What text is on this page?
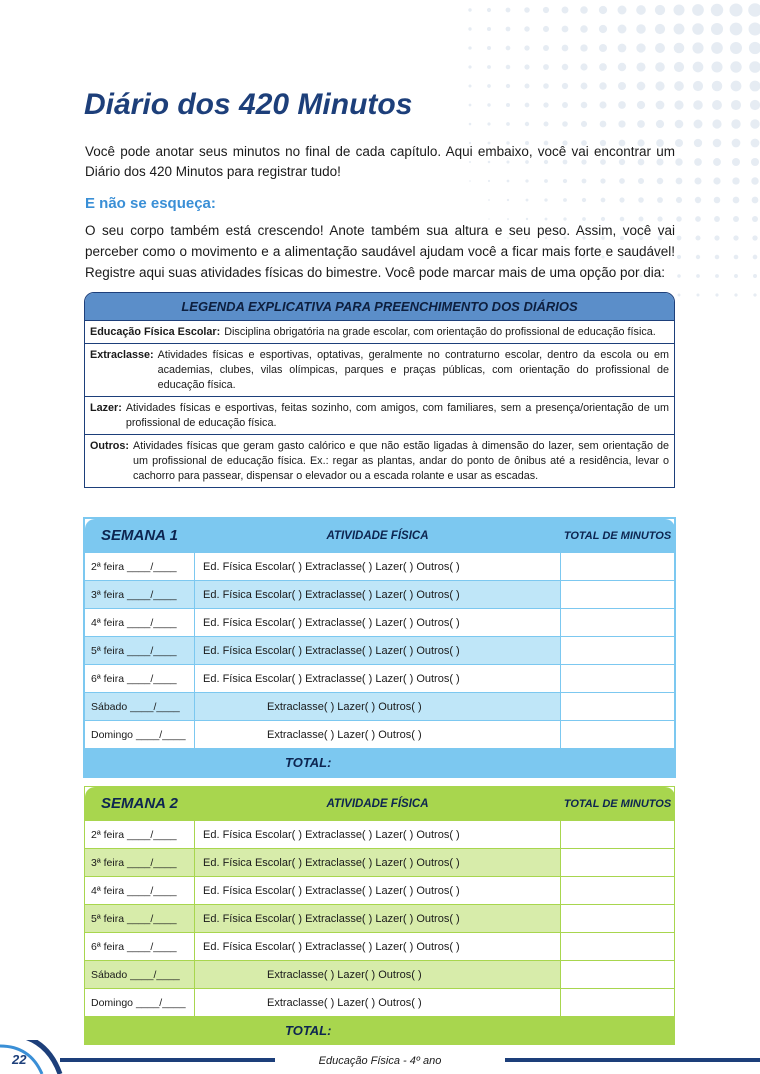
Diário dos 420 Minutos

Você pode anotar seus minutos no final de cada capítulo. Aqui embaixo, você vai encontrar um Diário dos 420 Minutos para registrar tudo!

E não se esqueça:

O seu corpo também está crescendo! Anote também sua altura e seu peso. Assim, você vai perceber como o movimento e a alimentação saudável ajudam você a ficar mais forte e saudável! Registre aqui suas atividades físicas do bimestre. Você pode marcar mais de uma opção por dia:

LEGENDA EXPLICATIVA PARA PREENCHIMENTO DOS DIÁRIOS
Educação Física Escolar: Disciplina obrigatória na grade escolar, com orientação do profissional de educação física.
Extraclasse: Atividades físicas e esportivas, optativas, geralmente no contraturno escolar, dentro da escola ou em academias, clubes, vilas olímpicas, parques e praças públicas, com orientação do profissional de educação física.
Lazer: Atividades físicas e esportivas, feitas sozinho, com amigos, com familiares, sem a presença/orientação de um profissional de educação física.
Outros: Atividades físicas que geram gasto calórico e que não estão ligadas à dimensão do lazer, sem orientação de um profissional de educação física. Ex.: regar as plantas, andar do ponto de ônibus até a residência, levar o cachorro para passear, dispensar o elevador ou a escada rolante e usar as escadas.
SEMANA 1	ATIVIDADE FÍSICA	TOTAL DE MINUTOS
2ª feira ____/____	Ed. Física Escolar( ) Extraclasse( ) Lazer( ) Outros( )	
3ª feira ____/____	Ed. Física Escolar( ) Extraclasse( ) Lazer( ) Outros( )	
4ª feira ____/____	Ed. Física Escolar( ) Extraclasse( ) Lazer( ) Outros( )	
5ª feira ____/____	Ed. Física Escolar( ) Extraclasse( ) Lazer( ) Outros( )	
6ª feira ____/____	Ed. Física Escolar( ) Extraclasse( ) Lazer( ) Outros( )	
Sábado ____/____	Extraclasse( ) Lazer( ) Outros( )	
Domingo ____/____	Extraclasse( ) Lazer( ) Outros( )	
TOTAL:		
SEMANA 2	ATIVIDADE FÍSICA	TOTAL DE MINUTOS
2ª feira ____/____	Ed. Física Escolar( ) Extraclasse( ) Lazer( ) Outros( )	
3ª feira ____/____	Ed. Física Escolar( ) Extraclasse( ) Lazer( ) Outros( )	
4ª feira ____/____	Ed. Física Escolar( ) Extraclasse( ) Lazer( ) Outros( )	
5ª feira ____/____	Ed. Física Escolar( ) Extraclasse( ) Lazer( ) Outros( )	
6ª feira ____/____	Ed. Física Escolar( ) Extraclasse( ) Lazer( ) Outros( )	
Sábado ____/____	Extraclasse( ) Lazer( ) Outros( )	
Domingo ____/____	Extraclasse( ) Lazer( ) Outros( )	
TOTAL:		
22	Educação Física - 4º ano
